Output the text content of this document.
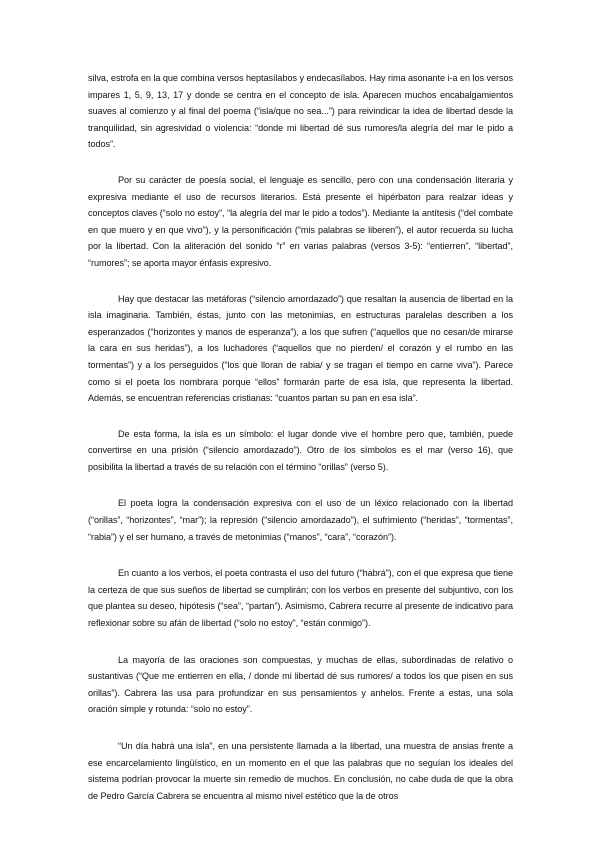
silva, estrofa en la que combina versos heptasílabos y endecasílabos. Hay rima asonante i-a en los versos impares 1, 5, 9, 13, 17 y donde se centra en el concepto de isla. Aparecen muchos encabalgamientos suaves al comienzo y al final del poema (“isla/que no sea...”) para reivindicar la idea de libertad desde la tranquilidad, sin agresividad o violencia: “donde mi libertad dé sus rumores/la alegría del mar le pido a todos”.

Por su carácter de poesía social, el lenguaje es sencillo, pero con una condensación literaria y expresiva mediante el uso de recursos literarios. Está presente el hipérbaton para realzar ideas y conceptos claves (“solo no estoy”, “la alegría del mar le pido a todos”). Mediante la antítesis (“del combate en que muero y en que vivo”), y la personificación (“mis palabras se liberen”), el autor recuerda su lucha por la libertad. Con la aliteración del sonido “r” en varias palabras (versos 3-5): “entierren”, “libertad”, “rumores”; se aporta mayor énfasis expresivo.

Hay que destacar las metáforas (“silencio amordazado”) que resaltan la ausencia de libertad en la isla imaginaria. También, éstas, junto con las metonimias, en estructuras paralelas describen a los esperanzados (“horizontes y manos de esperanza”), a los que sufren (“aquellos que no cesan/de mirarse la cara en sus heridas”), a los luchadores (“aquellos que no pierden/ el corazón y el rumbo en las tormentas”) y a los perseguidos (“los que lloran de rabia/ y se tragan el tiempo en carne viva”). Parece como si el poeta los nombrara porque “ellos” formarán parte de esa isla, que representa la libertad. Además, se encuentran referencias cristianas: “cuantos partan su pan en esa isla”.

De esta forma, la isla es un símbolo: el lugar donde vive el hombre pero que, también, puede convertirse en una prisión (“silencio amordazado”). Otro de los símbolos es el mar (verso 16), que posibilita la libertad a través de su relación con el término “orillas” (verso 5).

El poeta logra la condensación expresiva con el uso de un léxico relacionado con la libertad (“orillas”, “horizontes”, “mar”); la represión (“silencio amordazado”), el sufrimiento (“heridas”, “tormentas”, “rabia”) y el ser humano, a través de metonimias (“manos”, “cara”, “corazón”).

En cuanto a los verbos, el poeta contrasta el uso del futuro (“habrá”), con el que expresa que tiene la certeza de que sus sueños de libertad se cumplirán; con los verbos en presente del subjuntivo, con los que plantea su deseo, hipótesis (“sea”, “partan”). Asimismo, Cabrera recurre al presente de indicativo para reflexionar sobre su afán de libertad (“solo no estoy”, “están conmigo”).

La mayoría de las oraciones son compuestas, y muchas de ellas, subordinadas de relativo o sustantivas (“Que me entierren en ella, / donde mi libertad dé sus rumores/ a todos los que pisen en sus orillas”). Cabrera las usa para profundizar en sus pensamientos y anhelos. Frente a estas, una sola oración simple y rotunda: “solo no estoy”.

“Un día habrá una isla”, en una persistente llamada a la libertad, una muestra de ansias frente a ese encarcelamiento lingüístico, en un momento en el que las palabras que no seguían los ideales del sistema podrían provocar la muerte sin remedio de muchos. En conclusión, no cabe duda de que la obra de Pedro García Cabrera se encuentra al mismo nivel estético que la de otros
